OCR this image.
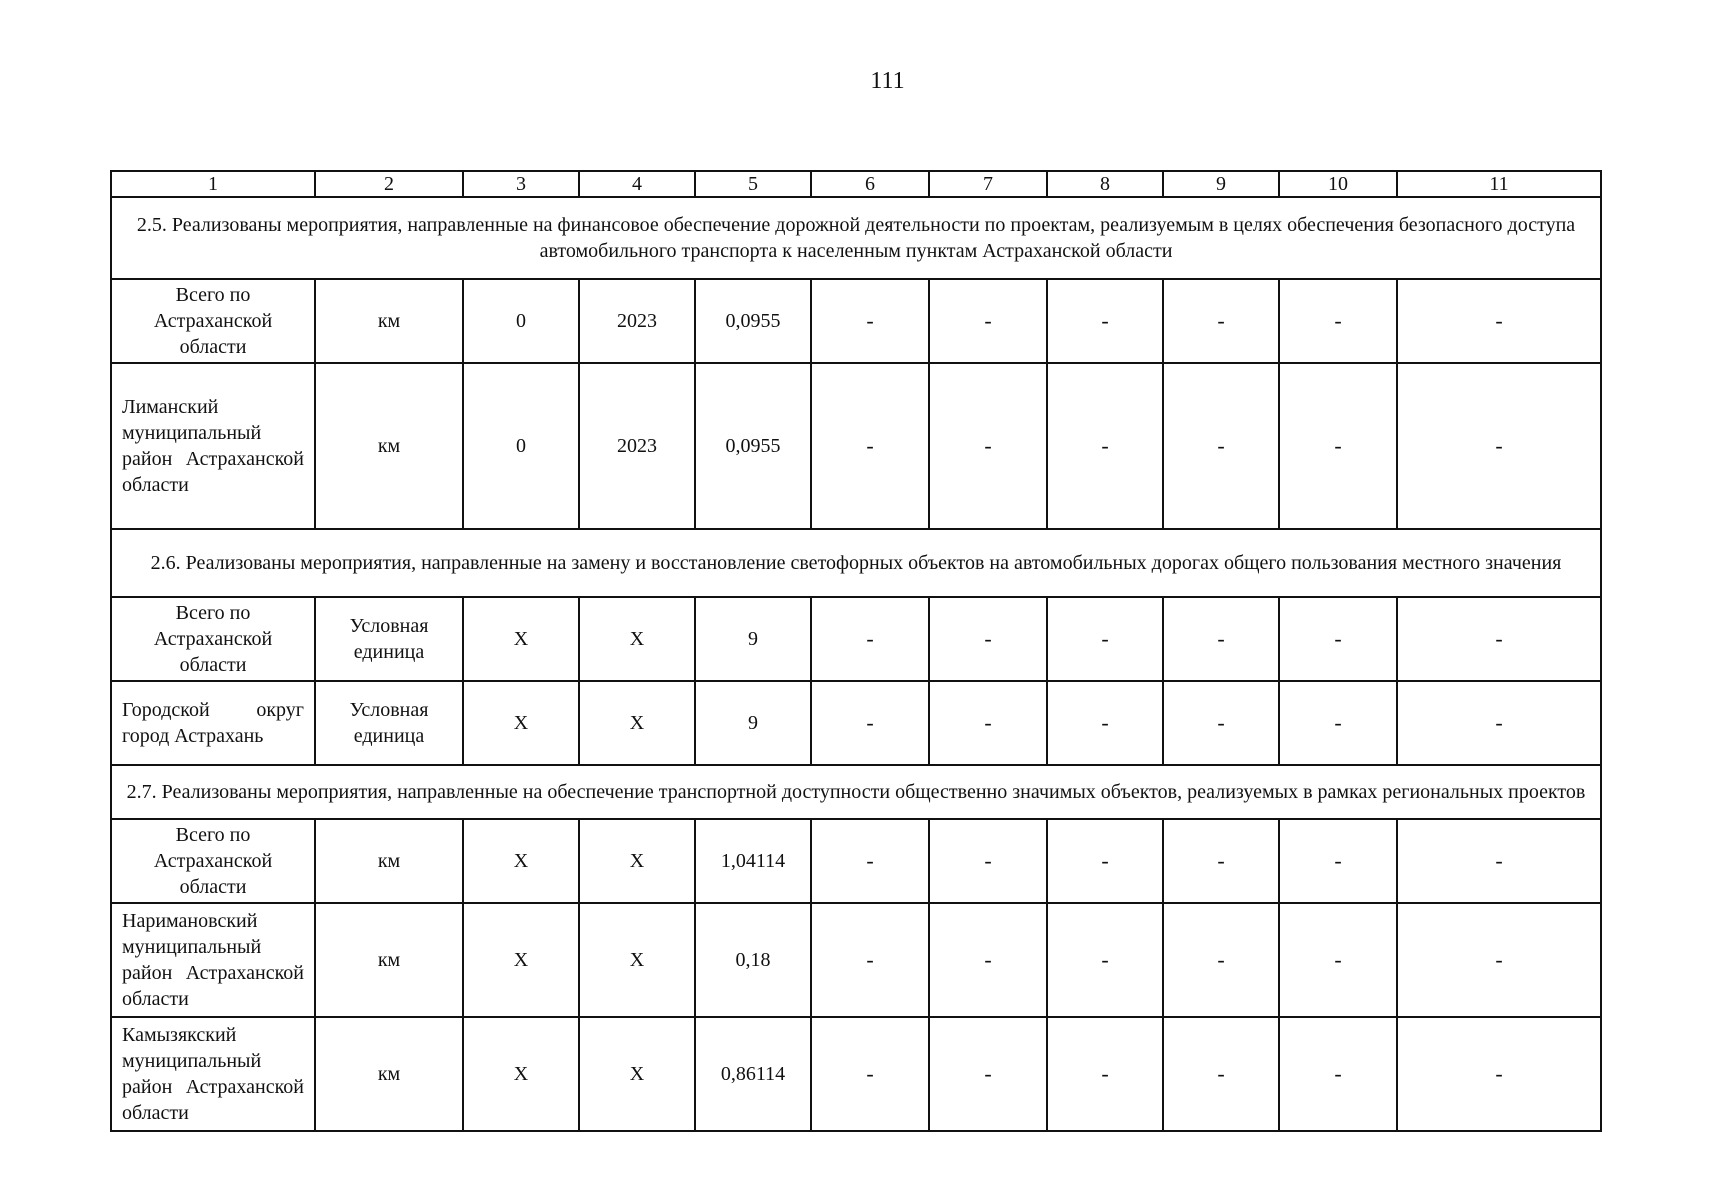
111
1	2	3	4	5	6	7	8	9	10	11
2.5. Реализованы мероприятия, направленные на финансовое обеспечение дорожной деятельности по проектам, реализуемым в целях обеспечения безопасного доступа автомобильного транспорта к населенным пунктам Астраханской области										
Всего по Астраханской области	км	0	2023	0,0955	-	-	-	-	-	-
Лиманский муниципальный район Астраханской области	км	0	2023	0,0955	-	-	-	-	-	-
2.6. Реализованы мероприятия, направленные на замену и восстановление светофорных объектов на автомобильных дорогах общего пользования местного значения										
Всего по Астраханской области	Условная единица	X	X	9	-	-	-	-	-	-
Городской округ город Астрахань	Условная единица	X	X	9	-	-	-	-	-	-
2.7. Реализованы мероприятия, направленные на обеспечение транспортной доступности общественно значимых объектов, реализуемых в рамках региональных проектов										
Всего по Астраханской области	км	X	X	1,04114	-	-	-	-	-	-
Наримановский муниципальный район Астраханской области	км	X	X	0,18	-	-	-	-	-	-
Камызякский муниципальный район Астраханской области	км	X	X	0,86114	-	-	-	-	-	-
